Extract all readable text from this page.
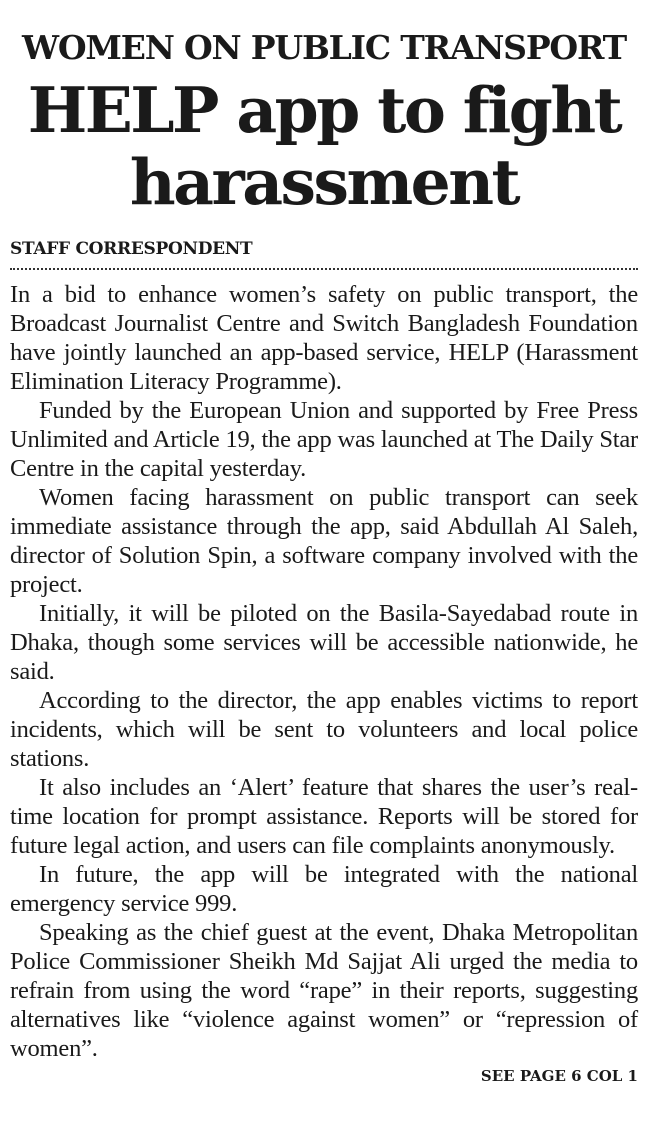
WOMEN ON PUBLIC TRANSPORT
HELP app to fight harassment
STAFF CORRESPONDENT

In a bid to enhance women’s safety on public transport, the Broadcast Journalist Centre and Switch Bangladesh Foundation have jointly launched an app-based service, HELP (Harassment Elimination Literacy Programme).

Funded by the European Union and supported by Free Press Unlimited and Article 19, the app was launched at The Daily Star Centre in the capital yesterday.

Women facing harassment on public transport can seek immediate assistance through the app, said Abdullah Al Saleh, director of Solution Spin, a software company involved with the project.

Initially, it will be piloted on the Basila-Sayedabad route in Dhaka, though some services will be accessible nationwide, he said.

According to the director, the app enables victims to report incidents, which will be sent to volunteers and local police stations.

It also includes an ‘Alert’ feature that shares the user’s real-time location for prompt assistance. Reports will be stored for future legal action, and users can file complaints anonymously.

In future, the app will be integrated with the national emergency service 999.

Speaking as the chief guest at the event, Dhaka Metropolitan Police Commissioner Sheikh Md Sajjat Ali urged the media to refrain from using the word “rape” in their reports, suggesting alternatives like “violence against women” or “repression of women”.

SEE PAGE 6 COL 1
